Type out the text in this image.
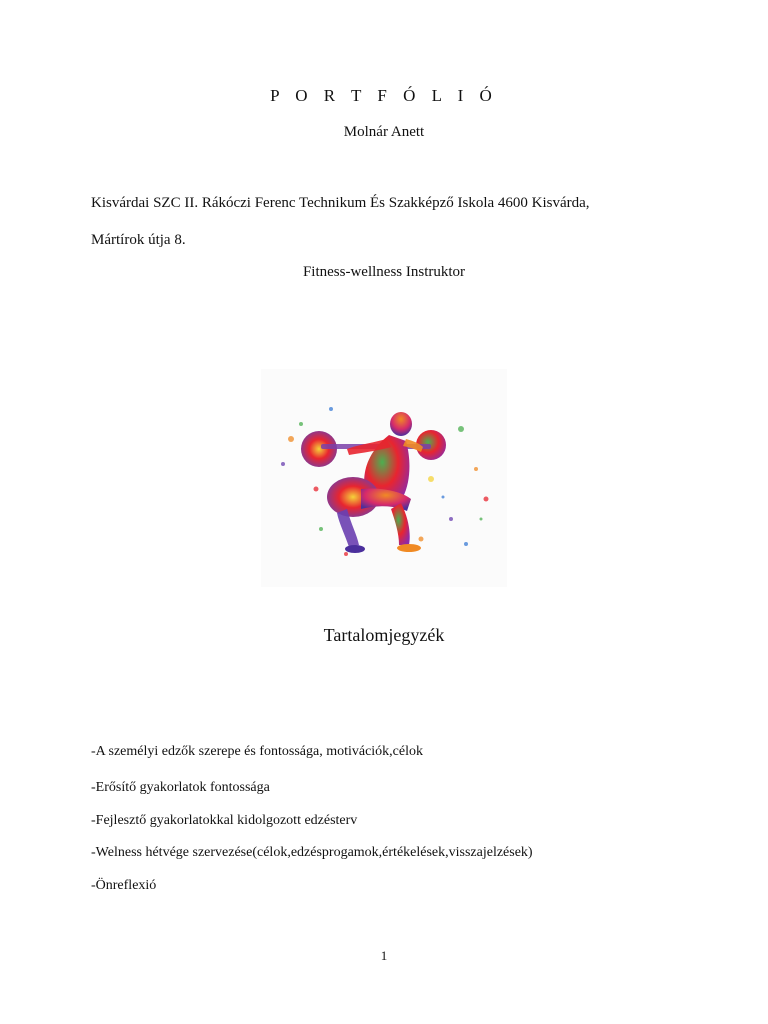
P O R T F Ó L I Ó
Molnár Anett
Kisvárdai SZC II. Rákóczi Ferenc Technikum És Szakképző Iskola 4600 Kisvárda,
Mártírok útja 8.
Fitness-wellness Instruktor
Tartalomjegyzék
-A személyi edzők szerepe és fontossága, motivációk,célok
-Erősítő gyakorlatok fontossága
-Fejlesztő gyakorlatokkal kidolgozott edzésterv
-Welness hétvége szervezése(célok,edzésprogamok,értékelések,visszajelzések)
-Önreflexió
1
